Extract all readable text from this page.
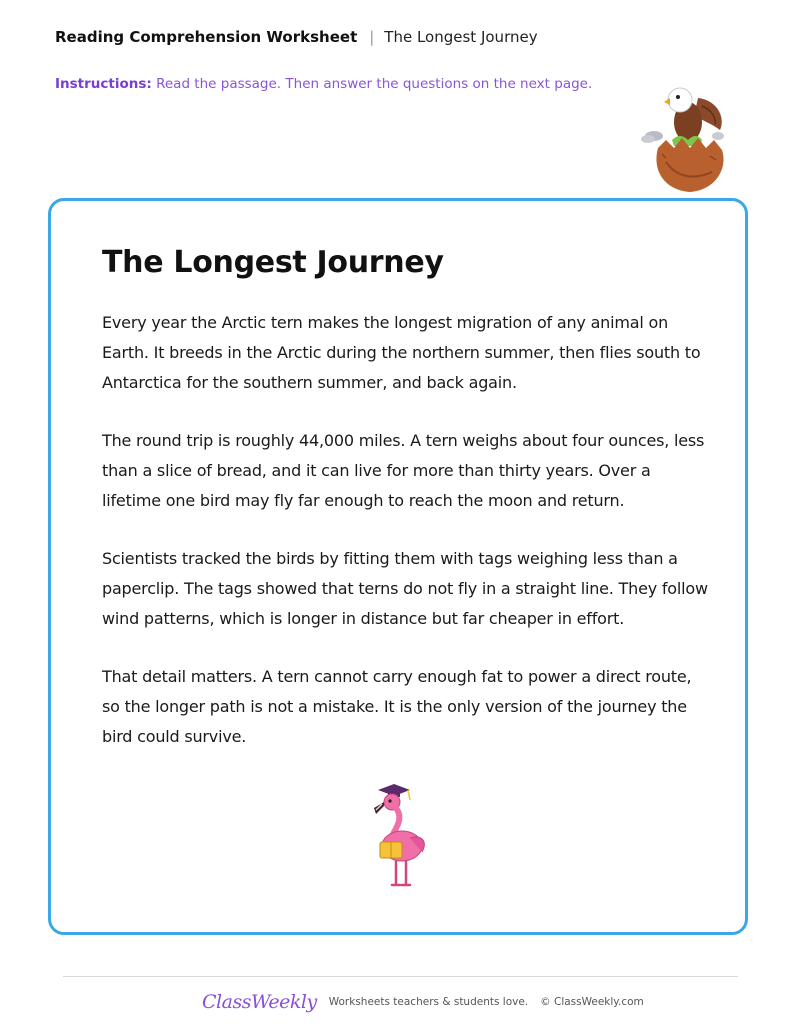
Reading Comprehension Worksheet | The Longest Journey
Instructions: Read the passage. Then answer the questions on the next page.
The Longest Journey

Every year the Arctic tern makes the longest migration of any animal on Earth. It breeds in the Arctic during the northern summer, then flies south to Antarctica for the southern summer, and back again.

The round trip is roughly 44,000 miles. A tern weighs about four ounces, less than a slice of bread, and it can live for more than thirty years. Over a lifetime one bird may fly far enough to reach the moon and return.

Scientists tracked the birds by fitting them with tags weighing less than a paperclip. The tags showed that terns do not fly in a straight line. They follow wind patterns, which is longer in distance but far cheaper in effort.

That detail matters. A tern cannot carry enough fat to power a direct route, so the longer path is not a mistake. It is the only version of the journey the bird could survive.

ClassWeekly Worksheets teachers & students love. © ClassWeekly.com
